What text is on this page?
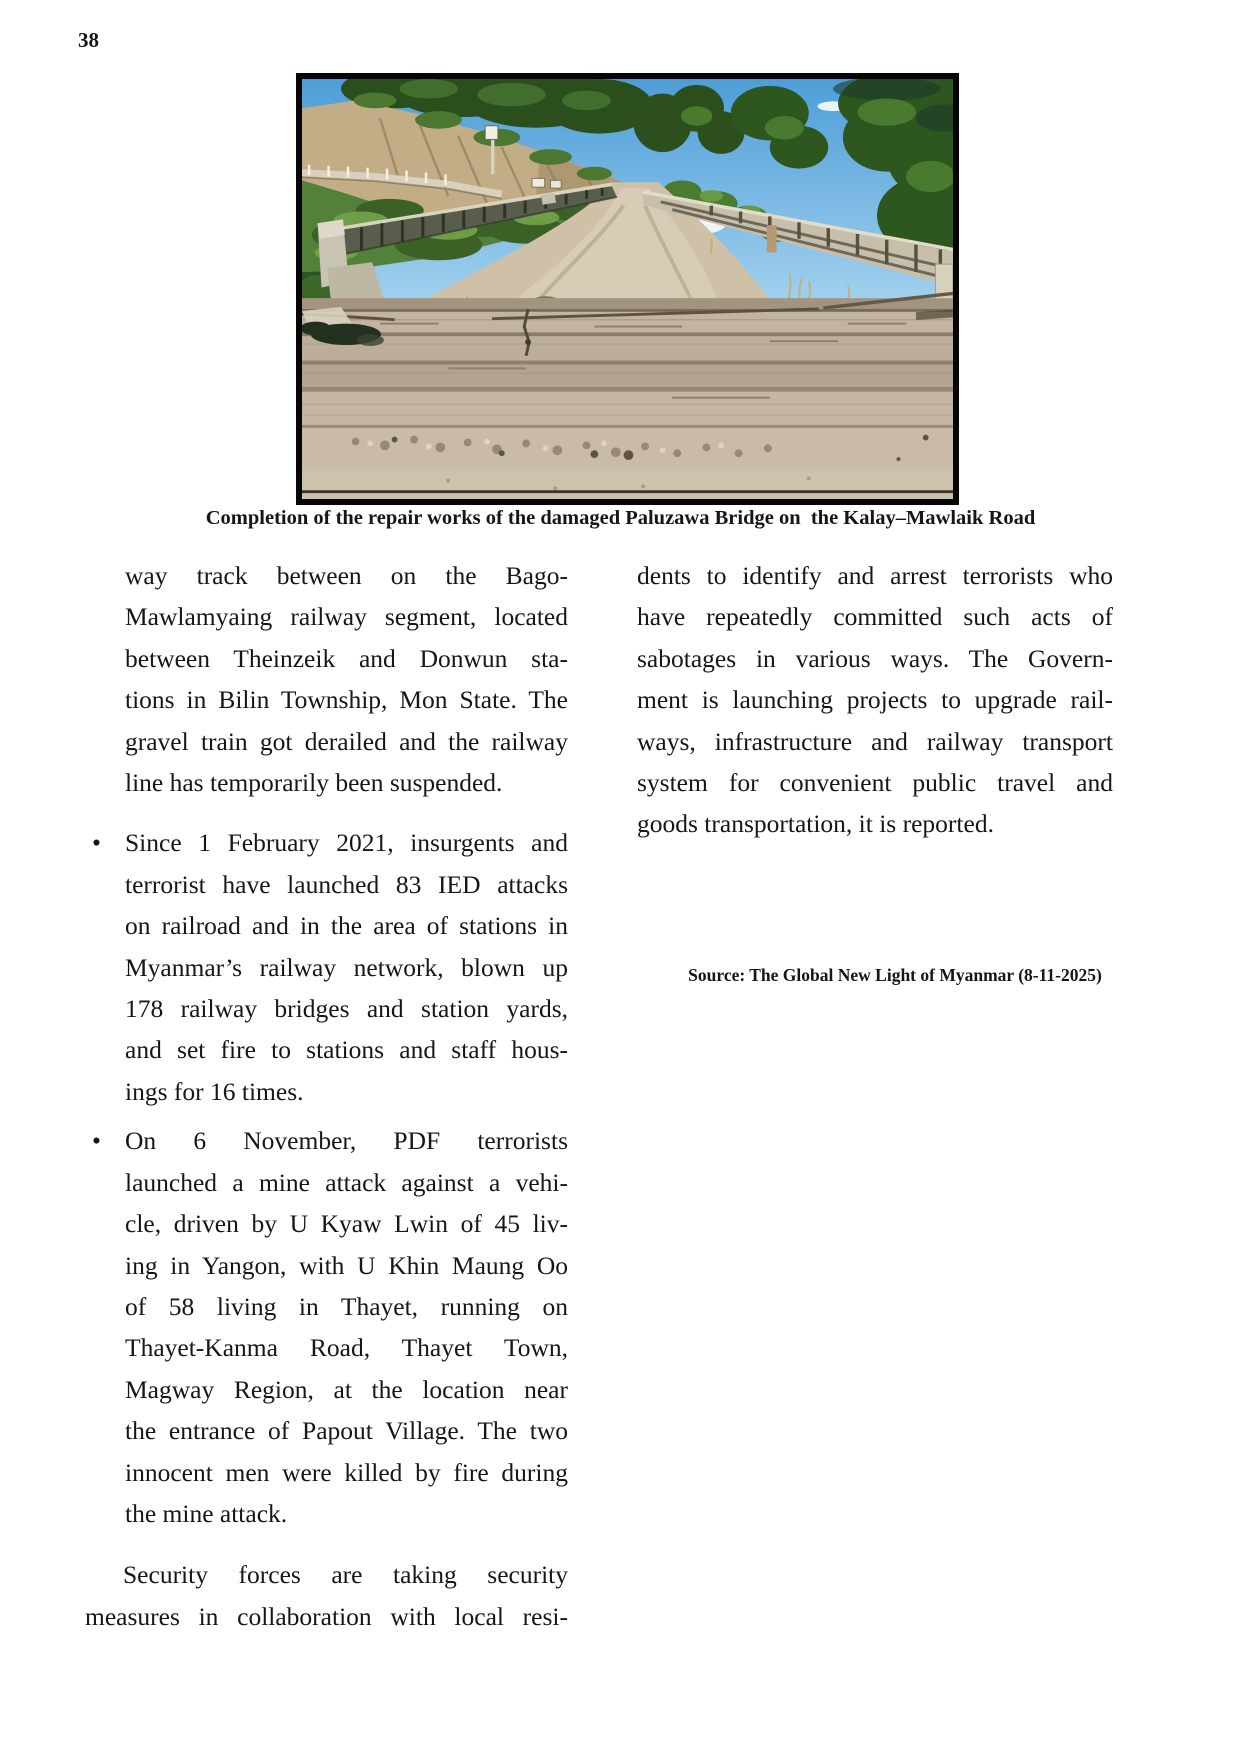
38
Completion of the repair works of the damaged Paluzawa Bridge on  the Kalay–Mawlaik Road
way track between on the Bago-
Mawlamyaing railway segment, located
between Theinzeik and Donwun sta-
tions in Bilin Township, Mon State. The
gravel train got derailed and the railway
line has temporarily been suspended.
• Since 1 February 2021, insurgents and
terrorist have launched 83 IED attacks
on railroad and in the area of stations in
Myanmar’s railway network, blown up
178 railway bridges and station yards,
and set fire to stations and staff hous-
ings for 16 times.
• On 6 November, PDF terrorists
launched a mine attack against a vehi-
cle, driven by U Kyaw Lwin of 45 liv-
ing in Yangon, with U Khin Maung Oo
of 58 living in Thayet, running on
Thayet-Kanma Road, Thayet Town,
Magway Region, at the location near
the entrance of Papout Village. The two
innocent men were killed by fire during
the mine attack.
Security forces are taking security
measures in collaboration with local resi-
dents to identify and arrest terrorists who
have repeatedly committed such acts of
sabotages in various ways. The Govern-
ment is launching projects to upgrade rail-
ways, infrastructure and railway transport
system for convenient public travel and
goods transportation, it is reported.
Source: The Global New Light of Myanmar (8-11-2025)
